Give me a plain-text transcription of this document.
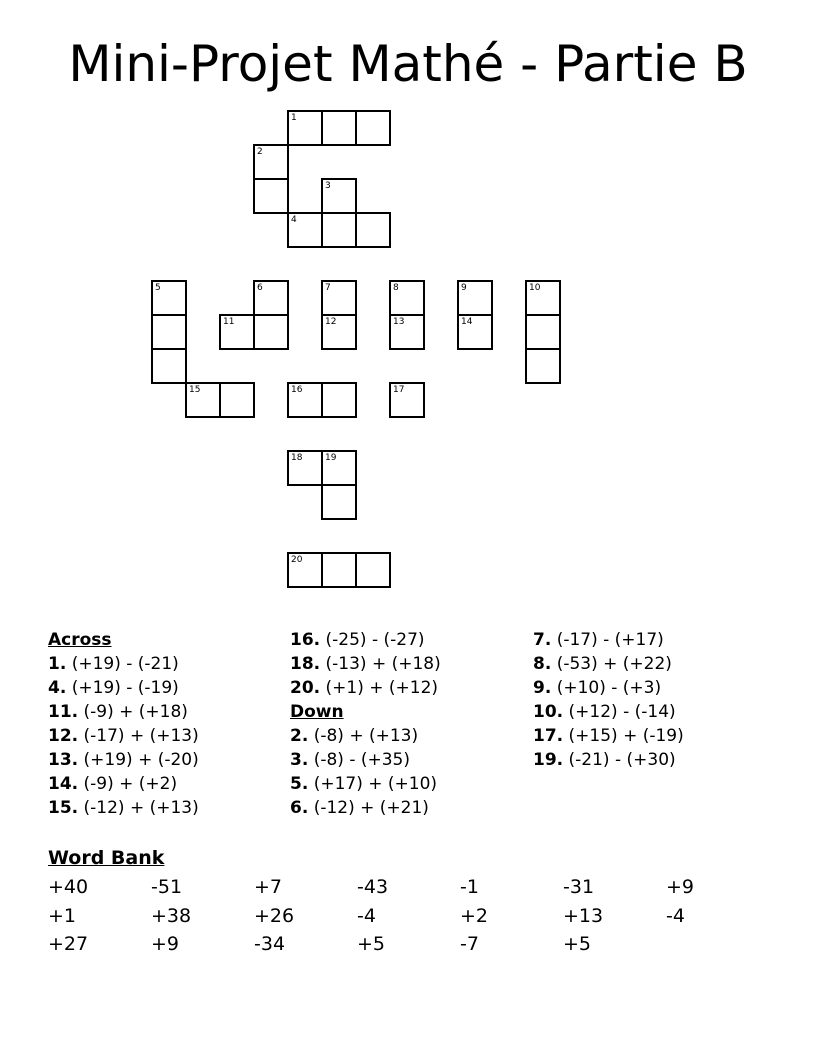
Mini-Projet Mathé - Partie B
1
2
3
4
5	6	7	8	9	10
11	12	13	14
15	16	17
18	19
20
Across
1. (+19) - (-21)
4. (+19) - (-19)
11. (-9) + (+18)
12. (-17) + (+13)
13. (+19) + (-20)
14. (-9) + (+2)
15. (-12) + (+13)
16. (-25) - (-27)
18. (-13) + (+18)
20. (+1) + (+12)
Down
2. (-8) + (+13)
3. (-8) - (+35)
5. (+17) + (+10)
6. (-12) + (+21)
7. (-17) - (+17)
8. (-53) + (+22)
9. (+10) - (+3)
10. (+12) - (-14)
17. (+15) + (-19)
19. (-21) - (+30)
Word Bank
+40	-51	+7	-43	-1	-31	+9
+1	+38	+26	-4	+2	+13	-4
+27	+9	-34	+5	-7	+5
